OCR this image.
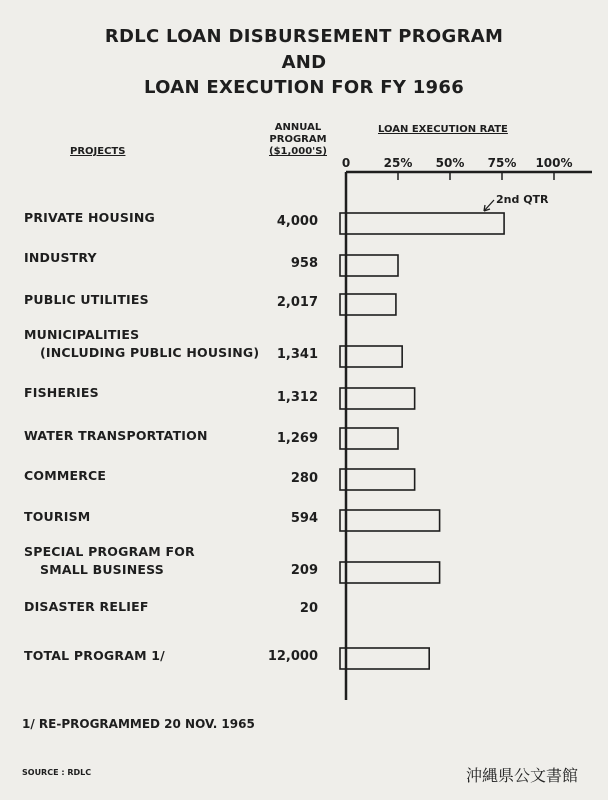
RDLC LOAN DISBURSEMENT PROGRAM
AND
LOAN EXECUTION FOR FY 1966
PROJECTS
ANNUAL
PROGRAM
($1,000'S)
LOAN EXECUTION RATE
0	25% 50% 75% 100%
PRIVATE HOUSING	4,000
INDUSTRY	958
PUBLIC UTILITIES	2,017
MUNICIPALITIES
(INCLUDING PUBLIC HOUSING)	1,341
FISHERIES	1,312
WATER TRANSPORTATION	1,269
COMMERCE	280
TOURISM	594
SPECIAL PROGRAM FOR
SMALL BUSINESS	209
DISASTER RELIEF	20
TOTAL PROGRAM 1/	12,000
2nd QTR
1/ RE-PROGRAMMED 20 NOV. 1965
SOURCE : RDLC	沖縄県公文書館
